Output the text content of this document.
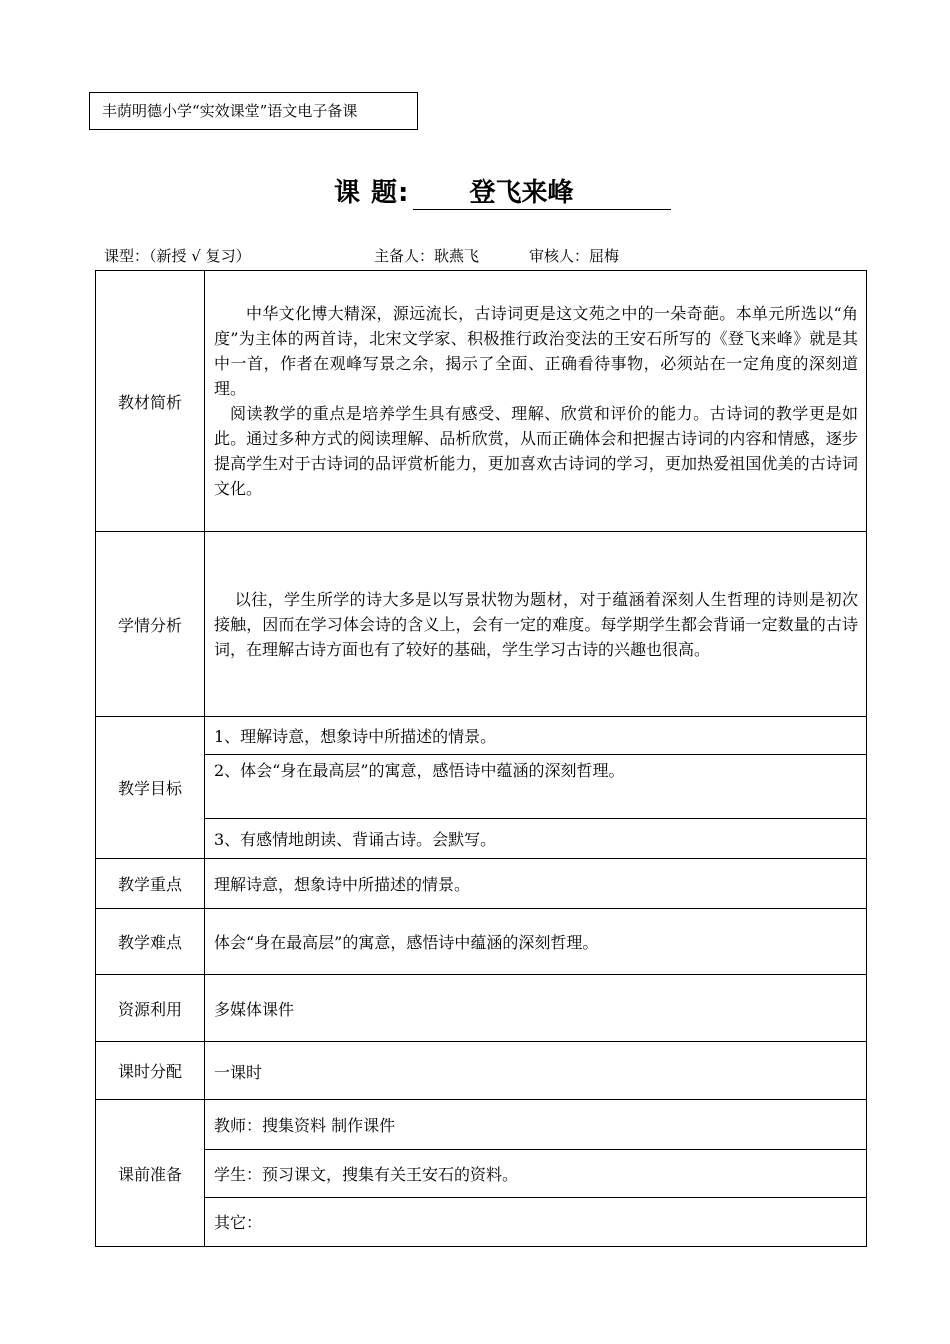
丰荫明德小学“实效课堂”语文电子备课
课 题: 登飞来峰
课型：（新授 √ 复习）	主备人：耿燕飞	审核人：屈梅
教材简析	
中华文化博大精深，源远流长，古诗词更是这文苑之中的一朵奇葩。本单元所选以“角度”为主体的两首诗，北宋文学家、积极推行政治变法的王安石所写的《登飞来峰》就是其中一首，作者在观峰写景之余，揭示了全面、正确看待事物，必须站在一定角度的深刻道理。
阅读教学的重点是培养学生具有感受、理解、欣赏和评价的能力。古诗词的教学更是如此。通过多种方式的阅读理解、品析欣赏，从而正确体会和把握古诗词的内容和情感，逐步提高学生对于古诗词的品评赏析能力，更加喜欢古诗词的学习，更加热爱祖国优美的古诗词文化。

学情分析	
以往，学生所学的诗大多是以写景状物为题材，对于蕴涵着深刻人生哲理的诗则是初次接触，因而在学习体会诗的含义上，会有一定的难度。每学期学生都会背诵一定数量的古诗词，在理解古诗方面也有了较好的基础，学生学习古诗的兴趣也很高。

教学目标	
1、理解诗意，想象诗中所描述的情景。
2、体会“身在最高层”的寓意，感悟诗中蕴涵的深刻哲理。
3、有感情地朗读、背诵古诗。会默写。

教学重点	理解诗意，想象诗中所描述的情景。
教学难点	体会“身在最高层”的寓意，感悟诗中蕴涵的深刻哲理。
资源利用	多媒体课件
课时分配	一课时
课前准备	
教师：搜集资料 制作课件
学生：预习课文，搜集有关王安石的资料。
其它：
